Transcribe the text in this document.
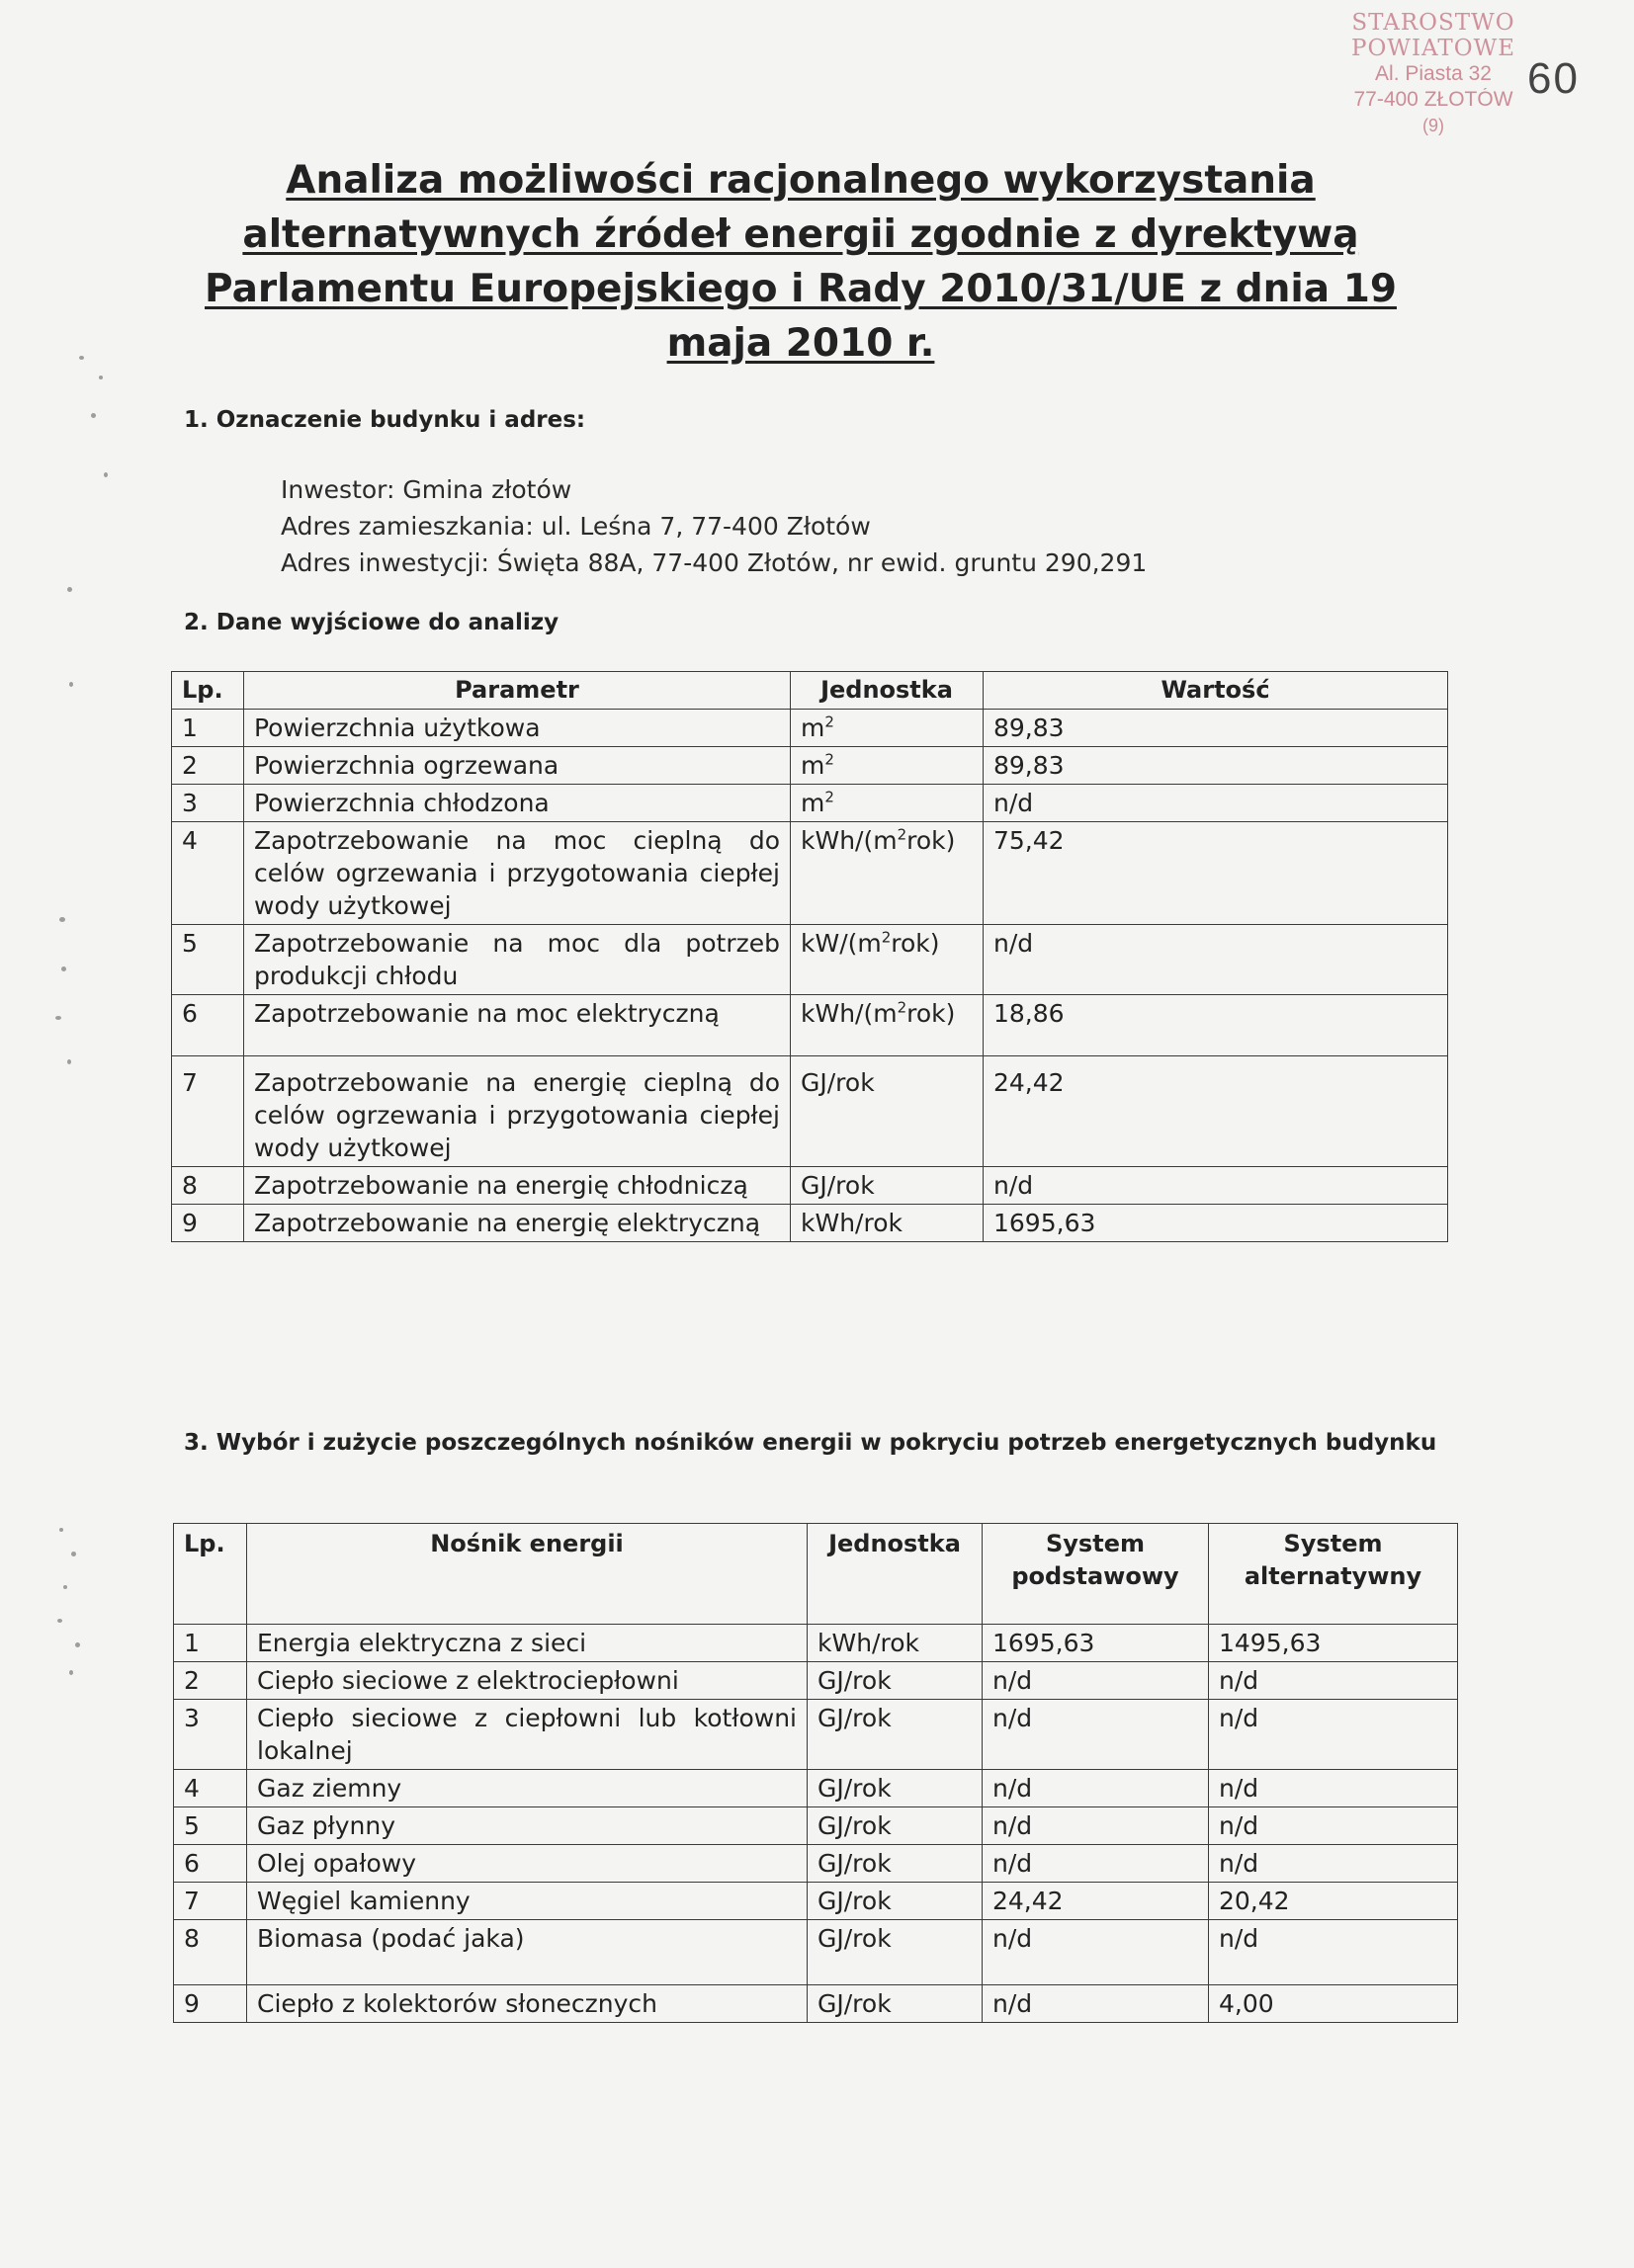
STAROSTWO POWIATOWE
Al. Piasta 32
77-400 ZŁOTÓW
(9)
60
Analiza możliwości racjonalnego wykorzystania alternatywnych źródeł energii zgodnie z dyrektywą Parlamentu Europejskiego i Rady 2010/31/UE z dnia 19 maja 2010 r.
1. Oznaczenie budynku i adres:
Inwestor: Gmina złotów
Adres zamieszkania: ul. Leśna 7, 77-400 Złotów
Adres inwestycji: Święta 88A, 77-400 Złotów, nr ewid. gruntu 290,291
2. Dane wyjściowe do analizy
Lp.	Parametr	Jednostka	Wartość
1	Powierzchnia użytkowa	$m^2$	89,83
2	Powierzchnia ogrzewana	$m^2$	89,83
3	Powierzchnia chłodzona	$m^2$	n/d
4	Zapotrzebowanie na moc cieplną do celów ogrzewania i przygotowania ciepłej wody użytkowej	kWh/$(m^2rok)$	75,42
5	Zapotrzebowanie na moc dla potrzeb produkcji chłodu	$kW/(m^2rok)$	n/d
6	Zapotrzebowanie na moc elektryczną	kWh/$(m^2rok)$	18,86
7	Zapotrzebowanie na energię cieplną do celów ogrzewania i przygotowania ciepłej wody użytkowej	GJ/rok	24,42
8	Zapotrzebowanie na energię chłodniczą	GJ/rok	n/d
9	Zapotrzebowanie na energię elektryczną	kWh/rok	1695,63
3. Wybór i zużycie poszczególnych nośników energii w pokryciu potrzeb energetycznych budynku
Lp.	Nośnik energii	Jednostka	System podstawowy	System alternatywny
1	Energia elektryczna z sieci	kWh/rok	1695,63	1495,63
2	Ciepło sieciowe z elektrociepłowni	GJ/rok	n/d	n/d
3	Ciepło sieciowe z ciepłowni lub kotłowni lokalnej	GJ/rok	n/d	n/d
4	Gaz ziemny	GJ/rok	n/d	n/d
5	Gaz płynny	GJ/rok	n/d	n/d
6	Olej opałowy	GJ/rok	n/d	n/d
7	Węgiel kamienny	GJ/rok	24,42	20,42
8	Biomasa (podać jaka)	GJ/rok	n/d	n/d
9	Ciepło z kolektorów słonecznych	GJ/rok	n/d	4,00
